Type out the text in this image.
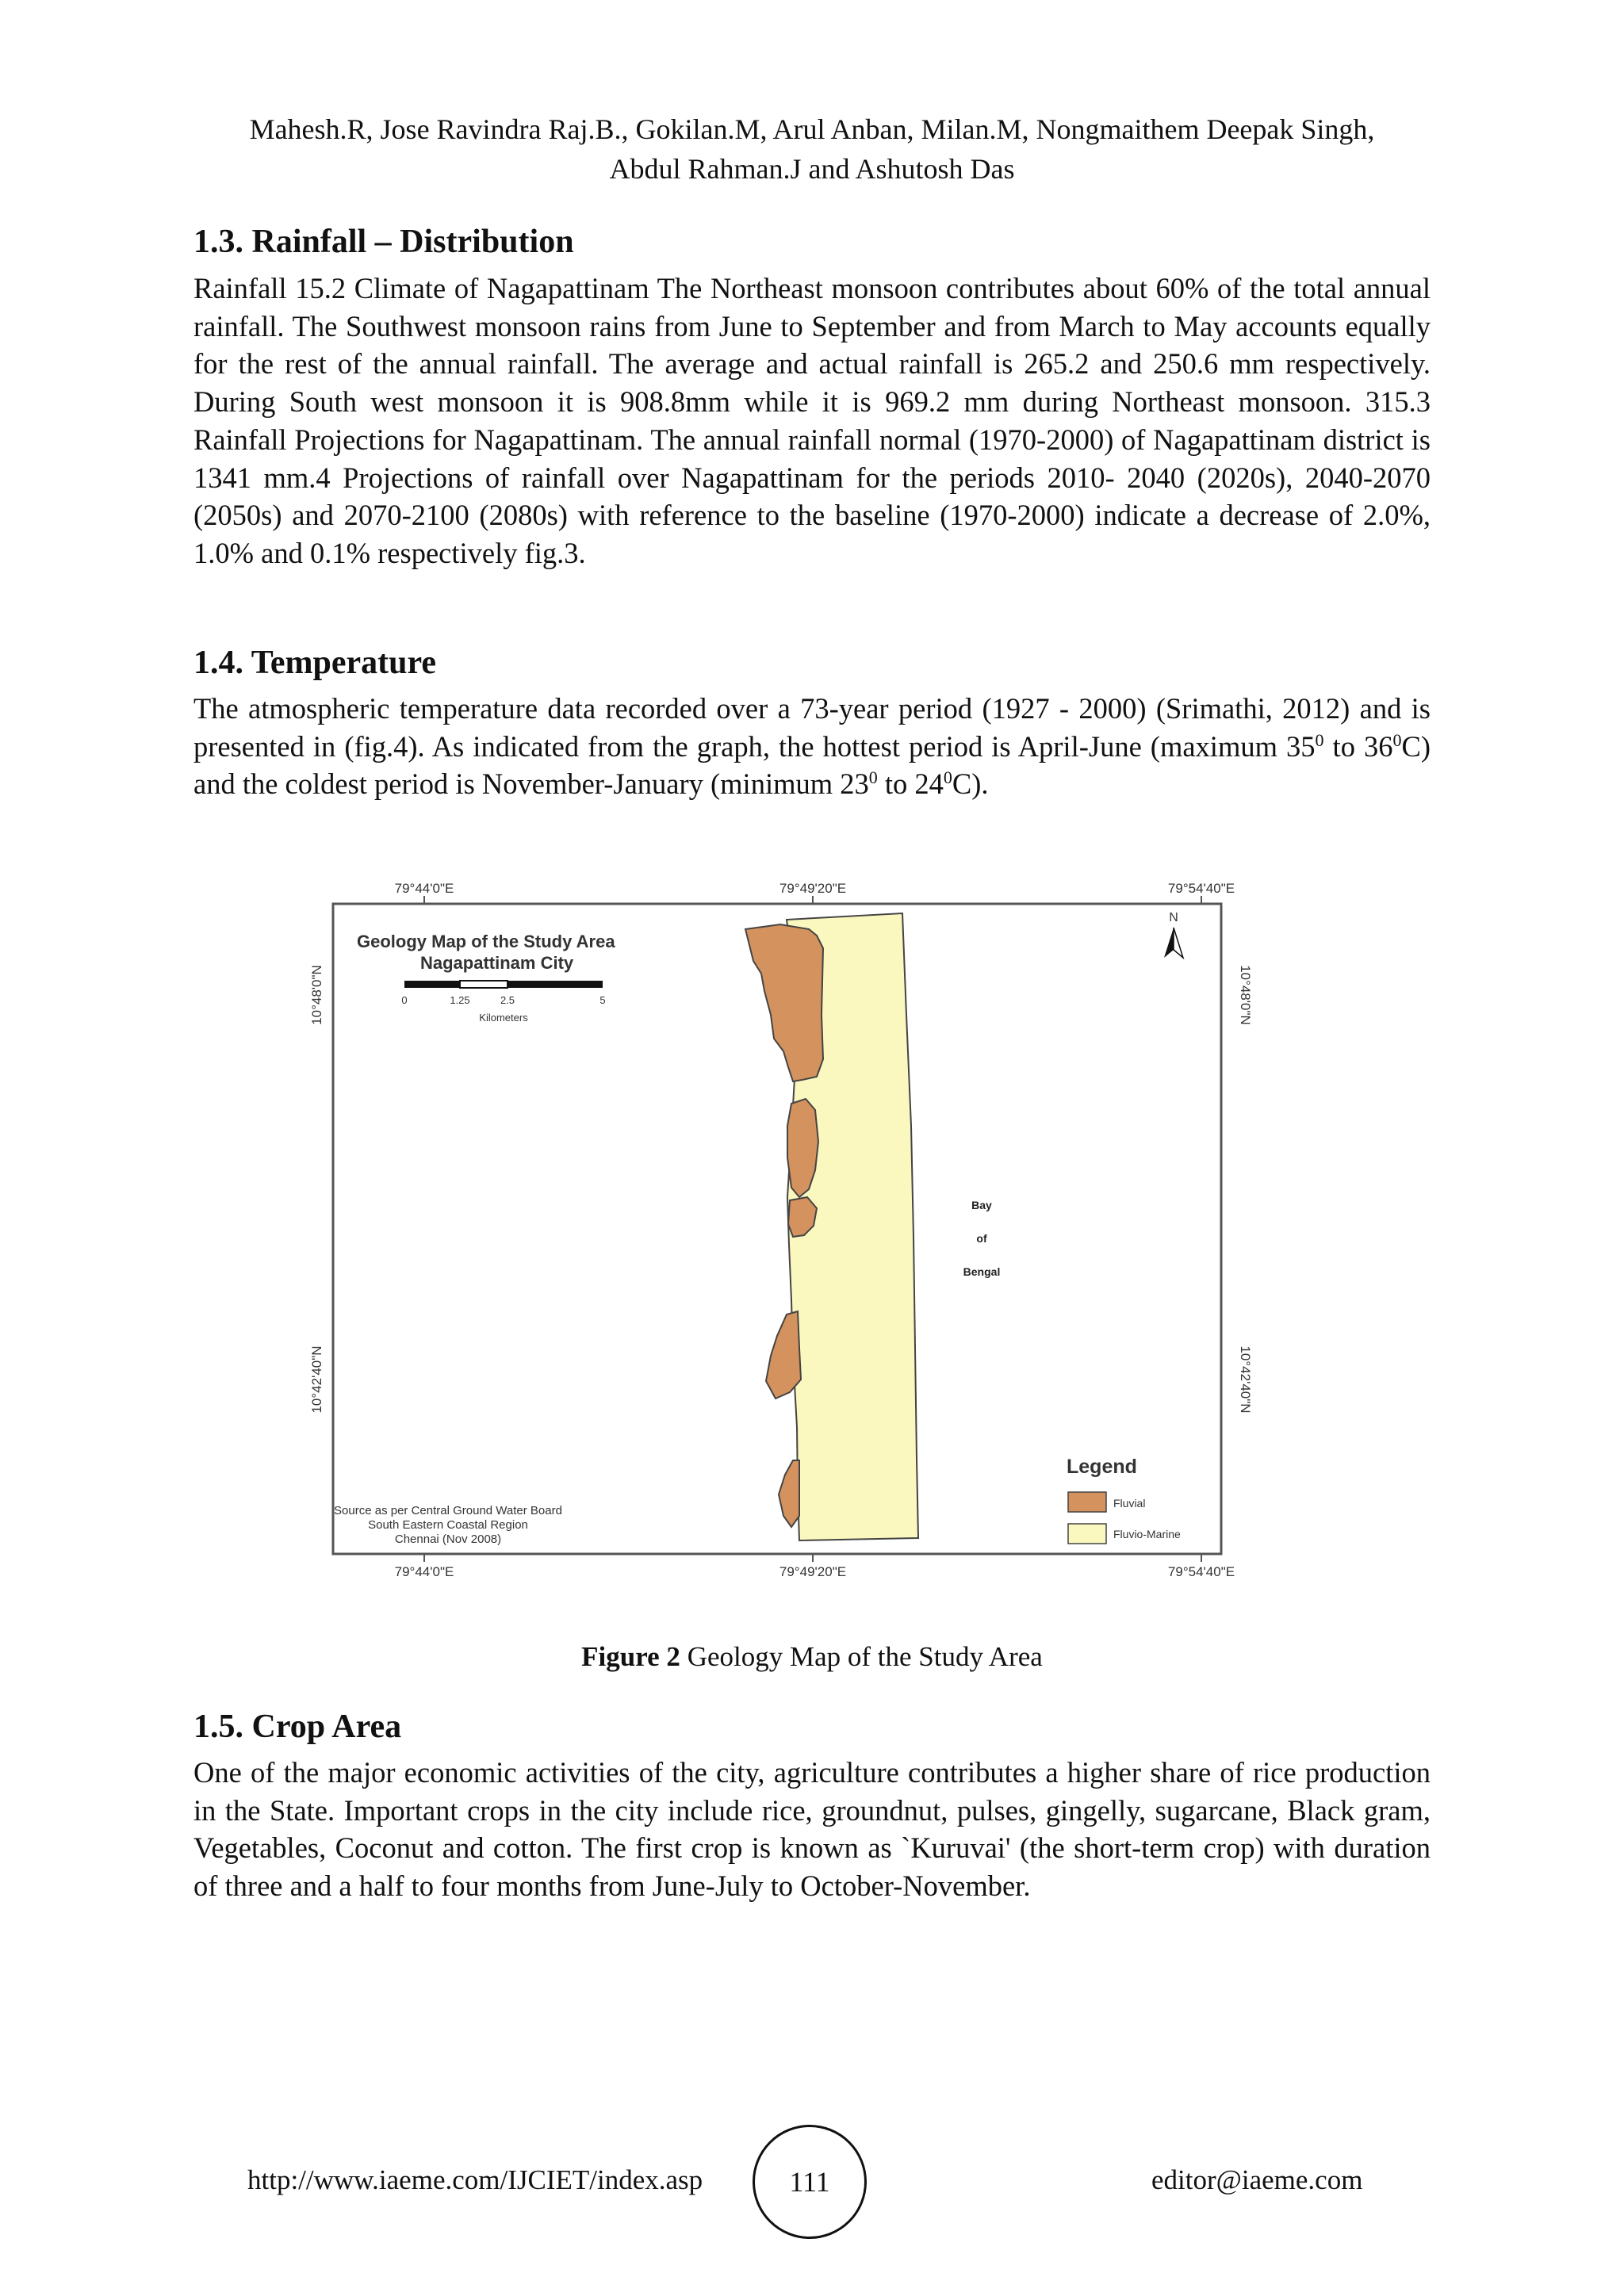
Mahesh.R, Jose Ravindra Raj.B., Gokilan.M, Arul Anban, Milan.M, Nongmaithem Deepak Singh,
Abdul Rahman.J and Ashutosh Das
1.3. Rainfall – Distribution

Rainfall 15.2 Climate of Nagapattinam The Northeast monsoon contributes about 60% of the total annual rainfall. The Southwest monsoon rains from June to September and from March to May accounts equally for the rest of the annual rainfall. The average and actual rainfall is 265.2 and 250.6 mm respectively. During South west monsoon it is 908.8mm while it is 969.2 mm during Northeast monsoon. 315.3 Rainfall Projections for Nagapattinam. The annual rainfall normal (1970-2000) of Nagapattinam district is 1341 mm.4 Projections of rainfall over Nagapattinam for the periods 2010- 2040 (2020s), 2040-2070 (2050s) and 2070-2100 (2080s) with reference to the baseline (1970-2000) indicate a decrease of 2.0%, 1.0% and 0.1% respectively fig.3.

1.4. Temperature

The atmospheric temperature data recorded over a 73-year period (1927 - 2000) (Srimathi, 2012) and is presented in (fig.4). As indicated from the graph, the hottest period is April-June (maximum $35^0$ to $36^0C$) and the coldest period is November-January (minimum $23^0$ to $24^0C$).

79°44'0"E	79°49'20"E	79°54'40"E
79°44'0"E	79°49'20"E	79°54'40"E
10°48'0"N
10°42'40"N
10°48'0"N
10°42'40"N
Geology Map of the Study Area
Nagapattinam City
0	1.25	2.5	5
Kilometers
N
Bay
of
Bengal
Legend
Fluvial
Fluvio-Marine
Source as per Central Ground Water Board
South Eastern Coastal Region
Chennai (Nov 2008)
Figure 2 Geology Map of the Study Area
1.5. Crop Area

One of the major economic activities of the city, agriculture contributes a higher share of rice production in the State. Important crops in the city include rice, groundnut, pulses, gingelly, sugarcane, Black gram, Vegetables, Coconut and cotton. The first crop is known as `Kuruvai' (the short-term crop) with duration of three and a half to four months from June-July to October-November.

http://www.iaeme.com/IJCIET/index.asp	111	editor@iaeme.com
